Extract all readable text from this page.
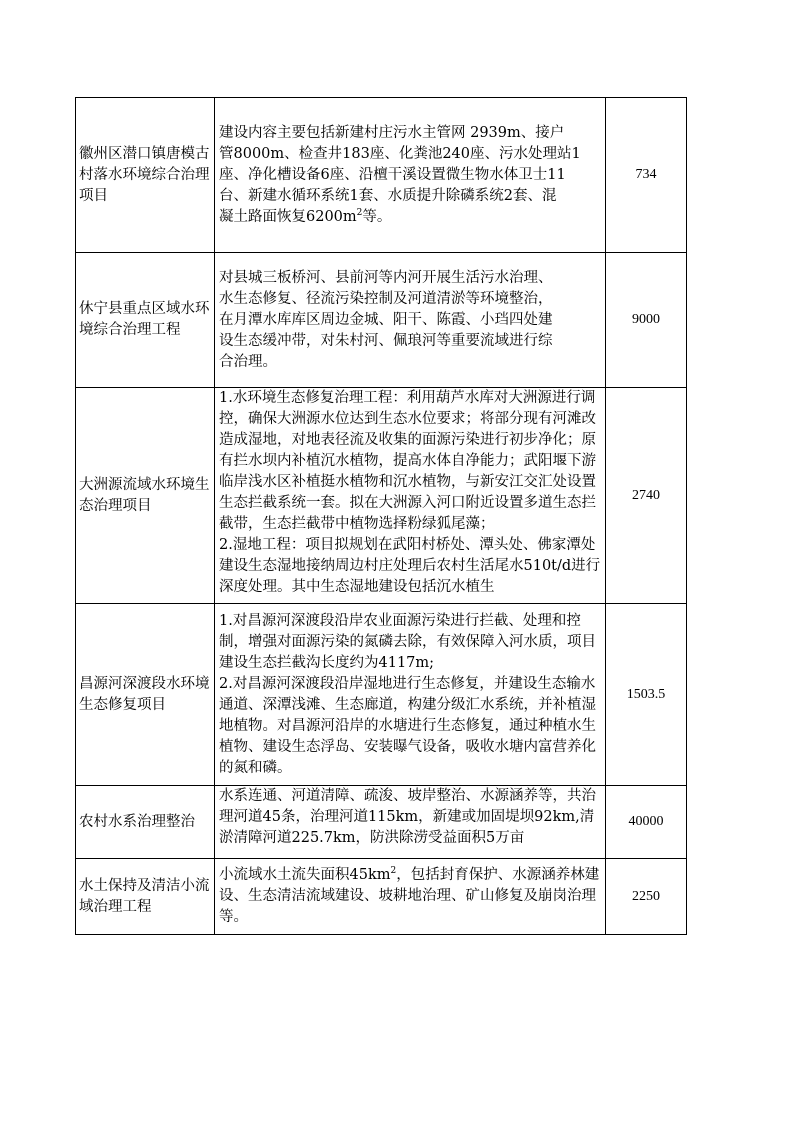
徽州区潜口镇唐模古村落水环境综合治理项目	建设内容主要包括新建村庄污水主管网 2939m、接户
管8000m、检查井183座、化粪池240座、污水处理站1
座、净化槽设备6座、沿檀干溪设置微生物水体卫士11
台、新建水循环系统1套、水质提升除磷系统2套、混
凝土路面恢复$6200m^2$等。	734
休宁县重点区域水环境综合治理工程	对县城三板桥河、县前河等内河开展生活污水治理、
水生态修复、径流污染控制及河道清淤等环境整治，
在月潭水库库区周边金城、阳干、陈霞、小珰四处建
设生态缓冲带，对朱村河、佩琅河等重要流域进行综
合治理。	9000
大洲源流域水环境生态治理项目	1.水环境生态修复治理工程：利用葫芦水库对大洲源进行调控，确保大洲源水位达到生态水位要求；将部分现有河滩改造成湿地，对地表径流及收集的面源污染进行初步净化；原有拦水坝内补植沉水植物，提高水体自净能力；武阳堰下游临岸浅水区补植挺水植物和沉水植物，与新安江交汇处设置生态拦截系统一套。拟在大洲源入河口附近设置多道生态拦截带，生态拦截带中植物选择粉绿狐尾藻；
2.湿地工程：项目拟规划在武阳村桥处、潭头处、佛家潭处建设生态湿地接纳周边村庄处理后农村生活尾水510t/d进行深度处理。其中生态湿地建设包括沉水植生	2740
昌源河深渡段水环境生态修复项目	1.对昌源河深渡段沿岸农业面源污染进行拦截、处理和控制，增强对面源污染的氮磷去除，有效保障入河水质，项目建设生态拦截沟长度约为4117m;
2.对昌源河深渡段沿岸湿地进行生态修复，并建设生态输水通道、深潭浅滩、生态廊道，构建分级汇水系统，并补植湿地植物。对昌源河沿岸的水塘进行生态修复，通过种植水生植物、建设生态浮岛、安装曝气设备，吸收水塘内富营养化的氮和磷。	1503.5
农村水系治理整治	水系连通、河道清障、疏浚、坡岸整治、水源涵养等，共治理河道45条，治理河道115km，新建或加固堤坝92km,清淤清障河道225.7km，防洪除涝受益面积5万亩	40000
水土保持及清洁小流域治理工程	小流域水土流失面积$45km^2$，包括封育保护、水源涵养林建设、生态清洁流域建设、坡耕地治理、矿山修复及崩岗治理等。	2250
